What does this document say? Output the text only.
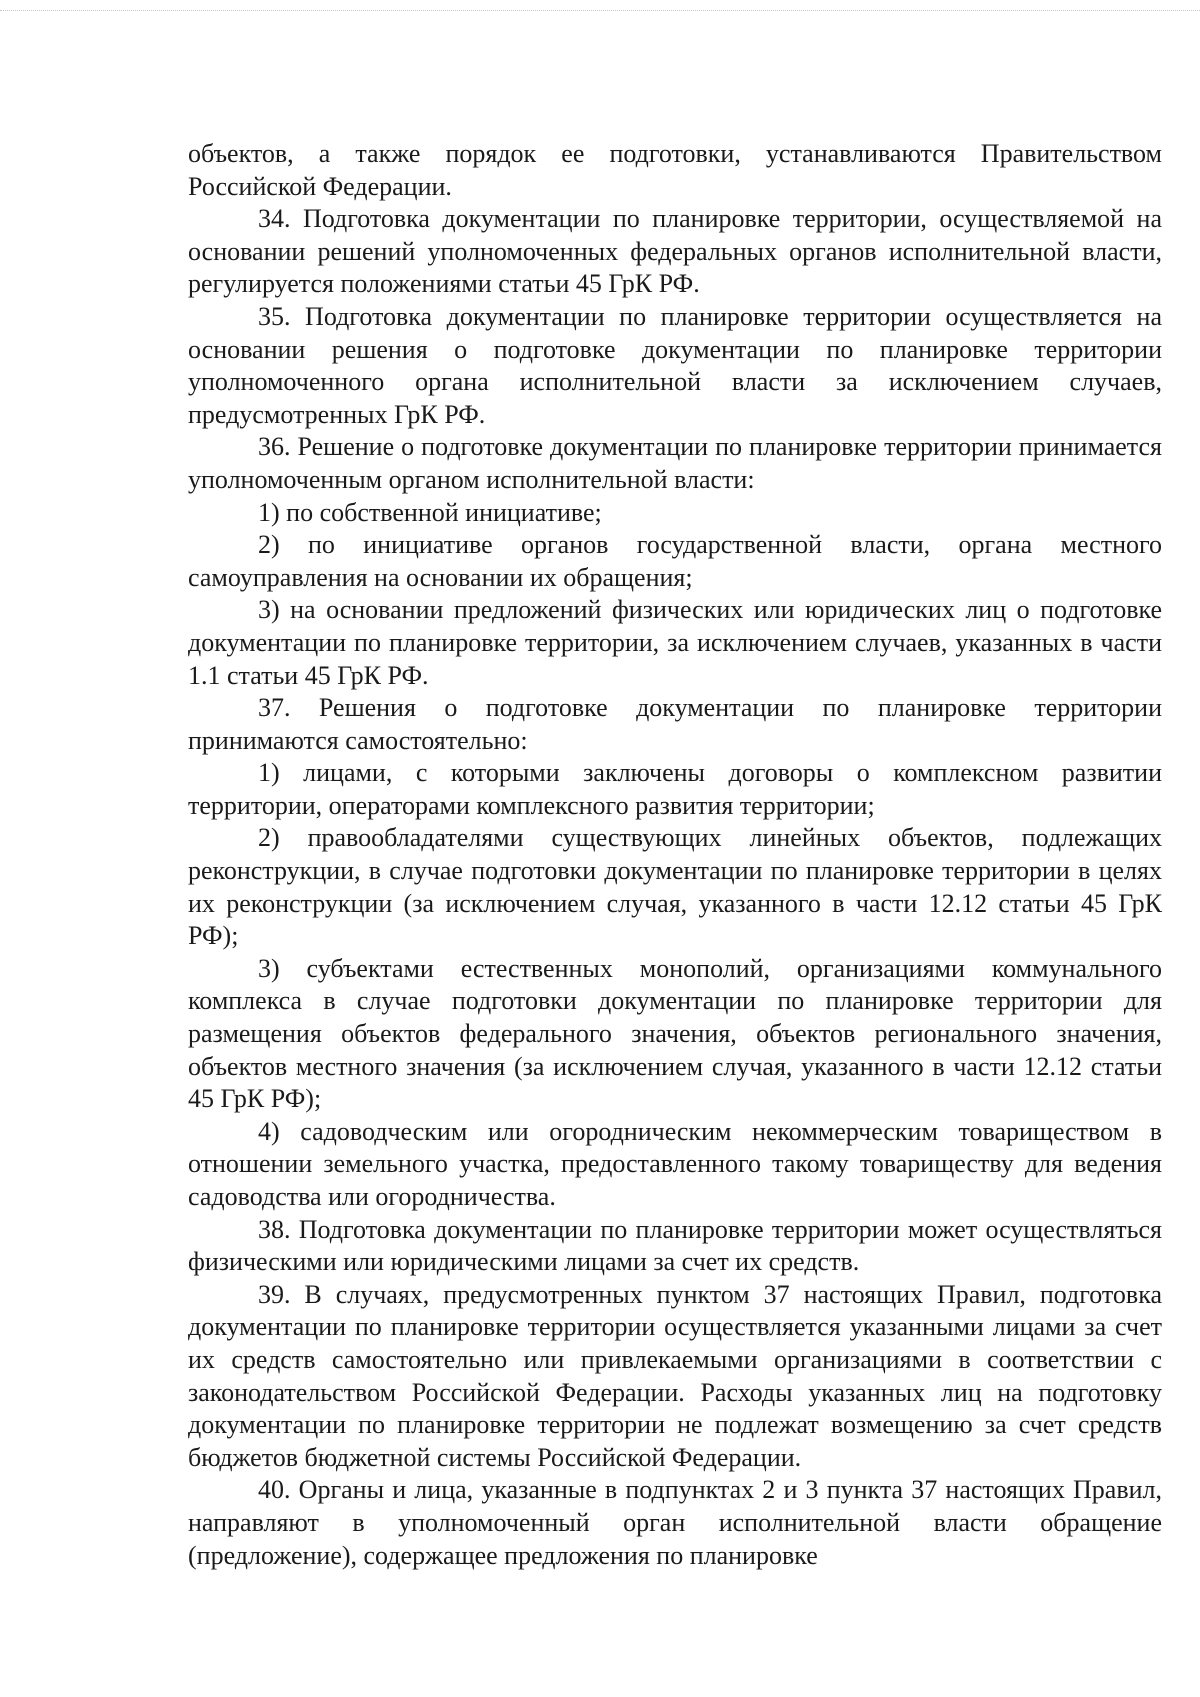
объектов, а также порядок ее подготовки, устанавливаются Правительством Российской Федерации.

34. Подготовка документации по планировке территории, осуществляемой на основании решений уполномоченных федеральных органов исполнительной власти, регулируется положениями статьи 45 ГрК РФ.

35. Подготовка документации по планировке территории осуществляется на основании решения о подготовке документации по планировке территории уполномоченного органа исполнительной власти за исключением случаев, предусмотренных ГрК РФ.

36. Решение о подготовке документации по планировке территории принимается уполномоченным органом исполнительной власти:

1) по собственной инициативе;

2) по инициативе органов государственной власти, органа местного самоуправления на основании их обращения;

3) на основании предложений физических или юридических лиц о подготовке документации по планировке территории, за исключением случаев, указанных в части 1.1 статьи 45 ГрК РФ.

37. Решения о подготовке документации по планировке территории принимаются самостоятельно:

1) лицами, с которыми заключены договоры о комплексном развитии территории, операторами комплексного развития территории;

2) правообладателями существующих линейных объектов, подлежащих реконструкции, в случае подготовки документации по планировке территории в целях их реконструкции (за исключением случая, указанного в части 12.12 статьи 45 ГрК РФ);

3) субъектами естественных монополий, организациями коммунального комплекса в случае подготовки документации по планировке территории для размещения объектов федерального значения, объектов регионального значения, объектов местного значения (за исключением случая, указанного в части 12.12 статьи 45 ГрК РФ);

4) садоводческим или огородническим некоммерческим товариществом в отношении земельного участка, предоставленного такому товариществу для ведения садоводства или огородничества.

38. Подготовка документации по планировке территории может осуществляться физическими или юридическими лицами за счет их средств.

39. В случаях, предусмотренных пунктом 37 настоящих Правил, подготовка документации по планировке территории осуществляется указанными лицами за счет их средств самостоятельно или привлекаемыми организациями в соответствии с законодательством Российской Федерации. Расходы указанных лиц на подготовку документации по планировке территории не подлежат возмещению за счет средств бюджетов бюджетной системы Российской Федерации.

40. Органы и лица, указанные в подпунктах 2 и 3 пункта 37 настоящих Правил, направляют в уполномоченный орган исполнительной власти обращение (предложение), содержащее предложения по планировке
